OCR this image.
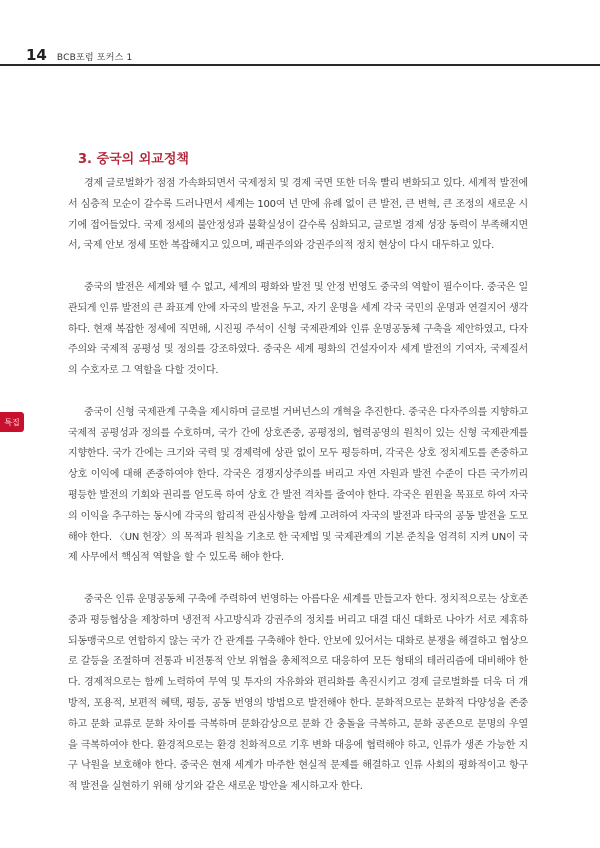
14 BCB포럼 포커스 1
특집
3. 중국의 외교정책

경제 글로벌화가 점점 가속화되면서 국제정치 및 경제 국면 또한 더욱 빨리 변화되고 있다. 세계적 발전에서 심층적 모순이 갈수록 드러나면서 세계는 100여 년 만에 유례 없이 큰 발전, 큰 변혁, 큰 조정의 새로운 시기에 접어들었다. 국제 정세의 불안정성과 불확실성이 갈수록 심화되고, 글로벌 경제 성장 동력이 부족해지면서, 국제 안보 정세 또한 복잡해지고 있으며, 패권주의와 강권주의적 정치 현상이 다시 대두하고 있다.

중국의 발전은 세계와 뗄 수 없고, 세계의 평화와 발전 및 안정 번영도 중국의 역할이 필수이다. 중국은 일관되게 인류 발전의 큰 좌표계 안에 자국의 발전을 두고, 자기 운명을 세계 각국 국민의 운명과 연결지어 생각하다. 현재 복잡한 정세에 직면해, 시진핑 주석이 신형 국제관계와 인류 운명공동체 구축을 제안하였고, 다자주의와 국제적 공평성 및 정의를 강조하였다. 중국은 세계 평화의 건설자이자 세계 발전의 기여자, 국제질서의 수호자로 그 역할을 다할 것이다.

중국이 신형 국제관계 구축을 제시하며 글로벌 거버넌스의 개혁을 추진한다. 중국은 다자주의를 지향하고 국제적 공평성과 정의를 수호하며, 국가 간에 상호존중, 공평정의, 협력공영의 원칙이 있는 신형 국제관계를 지향한다. 국가 간에는 크기와 국력 및 경제력에 상관 없이 모두 평등하며, 각국은 상호 정치제도를 존중하고 상호 이익에 대해 존중하여야 한다. 각국은 경쟁지상주의를 버리고 자연 자원과 발전 수준이 다른 국가끼리 평등한 발전의 기회와 권리를 얻도록 하여 상호 간 발전 격차를 줄여야 한다. 각국은 윈윈을 목표로 하여 자국의 이익을 추구하는 동시에 각국의 합리적 관심사항을 함께 고려하여 자국의 발전과 타국의 공동 발전을 도모해야 한다. 〈UN 헌장〉의 목적과 원칙을 기초로 한 국제법 및 국제관계의 기본 준칙을 엄격히 지켜 UN이 국제 사무에서 핵심적 역할을 할 수 있도록 해야 한다.

중국은 인류 운명공동체 구축에 주력하여 번영하는 아름다운 세계를 만들고자 한다. 정치적으로는 상호존중과 평등협상을 제창하며 냉전적 사고방식과 강권주의 정치를 버리고 대결 대신 대화로 나아가 서로 제휴하되동맹국으로 연합하지 않는 국가 간 관계를 구축해야 한다. 안보에 있어서는 대화로 분쟁을 해결하고 협상으로 갈등을 조절하며 전통과 비전통적 안보 위협을 총체적으로 대응하여 모든 형태의 테러리즘에 대비해야 한다. 경제적으로는 함께 노력하여 무역 및 투자의 자유화와 편리화를 촉진시키고 경제 글로벌화를 더욱 더 개방적, 포용적, 보편적 혜택, 평등, 공동 번영의 방법으로 발전해야 한다. 문화적으로는 문화적 다양성을 존중하고 문화 교류로 문화 차이를 극복하며 문화감상으로 문화 간 충돌을 극복하고, 문화 공존으로 문명의 우열을 극복하여야 한다. 환경적으로는 환경 친화적으로 기후 변화 대응에 협력해야 하고, 인류가 생존 가능한 지구 낙원을 보호해야 한다. 중국은 현재 세계가 마주한 현실적 문제를 해결하고 인류 사회의 평화적이고 항구적 발전을 실현하기 위해 상기와 같은 새로운 방안을 제시하고자 한다.
